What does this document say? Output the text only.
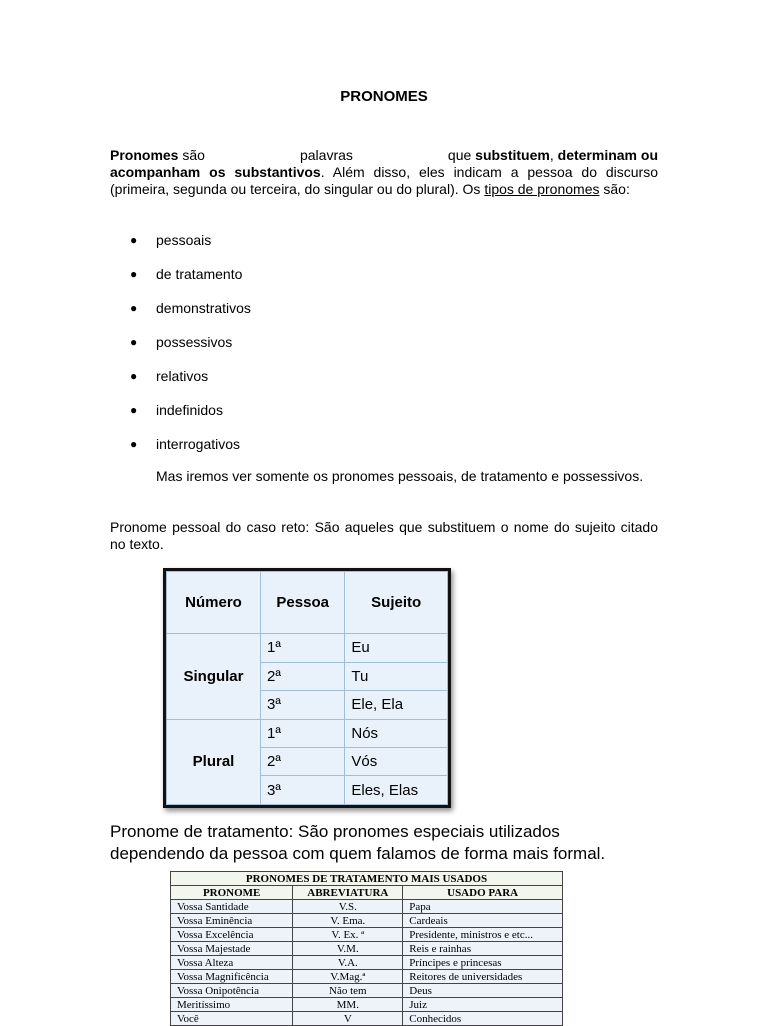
PRONOMES
Pronomes são	palavras	que substituem, determinam ou
acompanham os substantivos. Além disso, eles indicam a pessoa do discurso (primeira, segunda ou terceira, do singular ou do plural). Os tipos de pronomes são:
● pessoais
● de tratamento
● demonstrativos
● possessivos
● relativos
● indefinidos
● interrogativos
Mas iremos ver somente os pronomes pessoais, de tratamento e possessivos.
Pronome pessoal do caso reto: São aqueles que substituem o nome do sujeito citado no texto.
Pronome de tratamento: São pronomes especiais utilizados dependendo da pessoa com quem falamos de forma mais formal.
Número	Pessoa	Sujeito
Singular	1ª	Eu
	2ª	Tu
	3ª	Ele, Ela
Plural	1ª	Nós
	2ª	Vós
	3ª	Eles, Elas
PRONOMES DE TRATAMENTO MAIS USADOS		
PRONOME	ABREVIATURA	USADO PARA
Vossa Santidade	V.S.	Papa
Vossa Eminência	V. Ema.	Cardeais
Vossa Excelência	V. Ex. ª	Presidente, ministros e etc...
Vossa Majestade	V.M.	Reis e rainhas
Vossa Alteza	V.A.	Príncipes e princesas
Vossa Magnificência	V.Mag.ª	Reitores de universidades
Vossa Onipotência	Não tem	Deus
Meritíssimo	MM.	Juiz
Você	V	Conhecidos
